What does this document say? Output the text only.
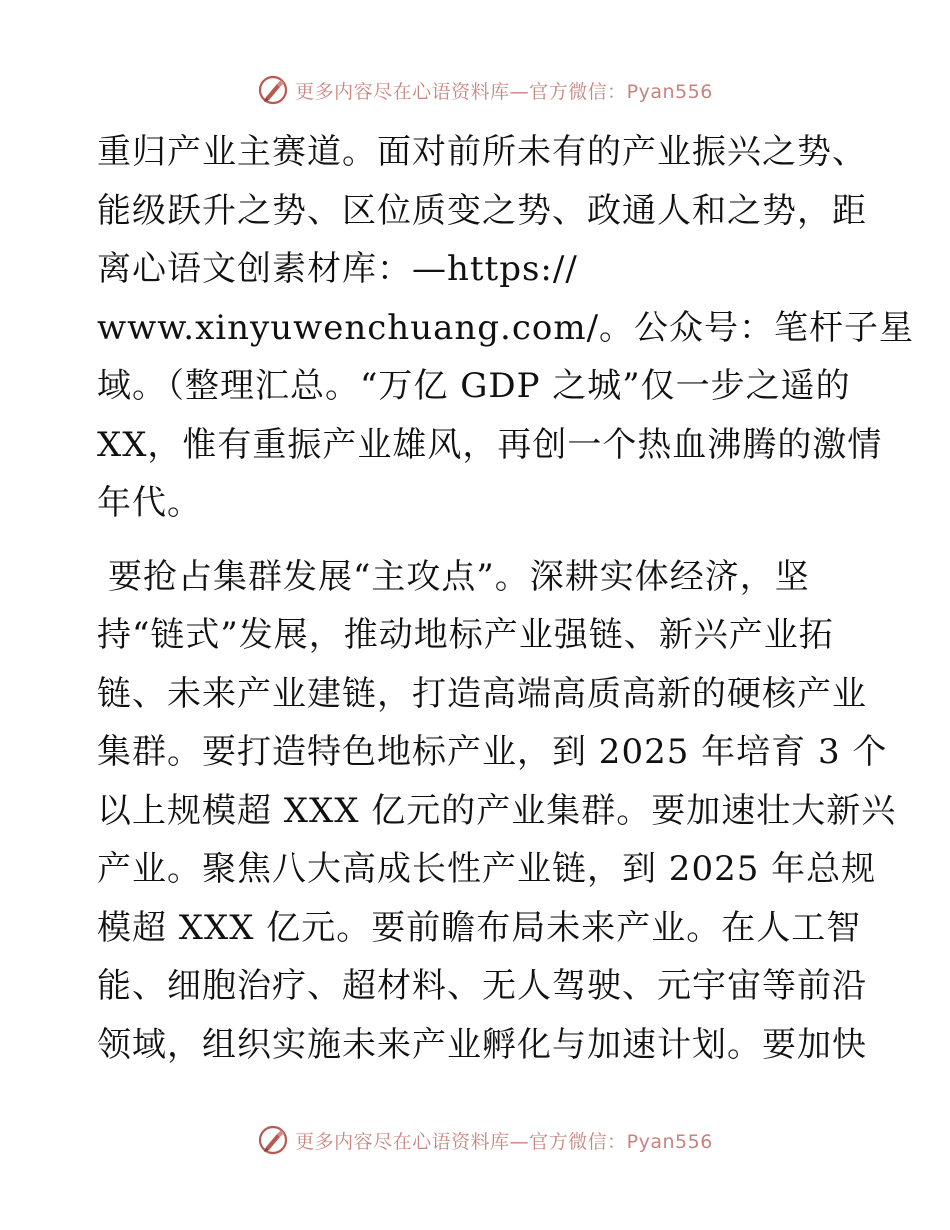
更多内容尽在心语资料库—官方微信：Pyan556

重归产业主赛道。面对前所未有的产业振兴之势、
能级跃升之势、区位质变之势、政通人和之势，距
离心语文创素材库：—https://
www.xinyuwenchuang.com/。公众号：笔杆子星
域。（整理汇总。“万亿 GDP 之城”仅一步之遥的
XX，惟有重振产业雄风，再创一个热血沸腾的激情
年代。

要抢占集群发展“主攻点”。深耕实体经济，坚
持“链式”发展，推动地标产业强链、新兴产业拓
链、未来产业建链，打造高端高质高新的硬核产业
集群。要打造特色地标产业，到 2025 年培育 3 个
以上规模超 XXX 亿元的产业集群。要加速壮大新兴
产业。聚焦八大高成长性产业链，到 2025 年总规
模超 XXX 亿元。要前瞻布局未来产业。在人工智
能、细胞治疗、超材料、无人驾驶、元宇宙等前沿
领域，组织实施未来产业孵化与加速计划。要加快

更多内容尽在心语资料库—官方微信：Pyan556
